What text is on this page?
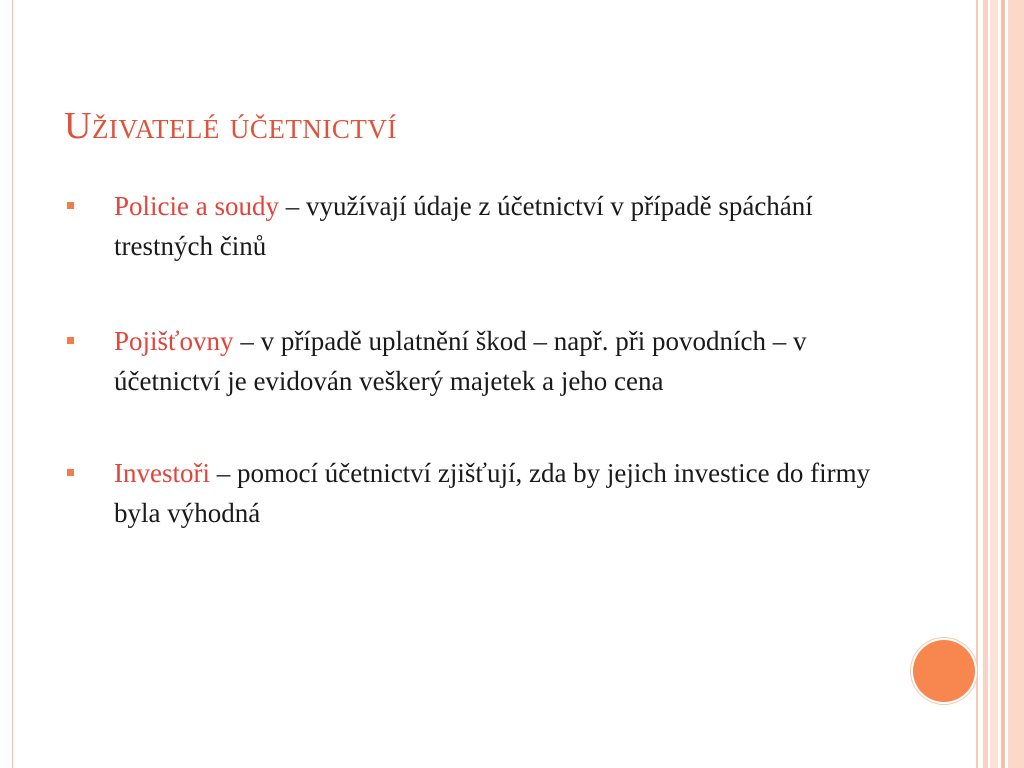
Uživatelé účetnictví
Policie a soudy – využívají údaje z účetnictví v případě spáchání trestných činů
Pojišťovny – v případě uplatnění škod – např. při povodních – v účetnictví je evidován veškerý majetek a jeho cena
Investoři – pomocí účetnictví zjišťují, zda by jejich investice do firmy byla výhodná
